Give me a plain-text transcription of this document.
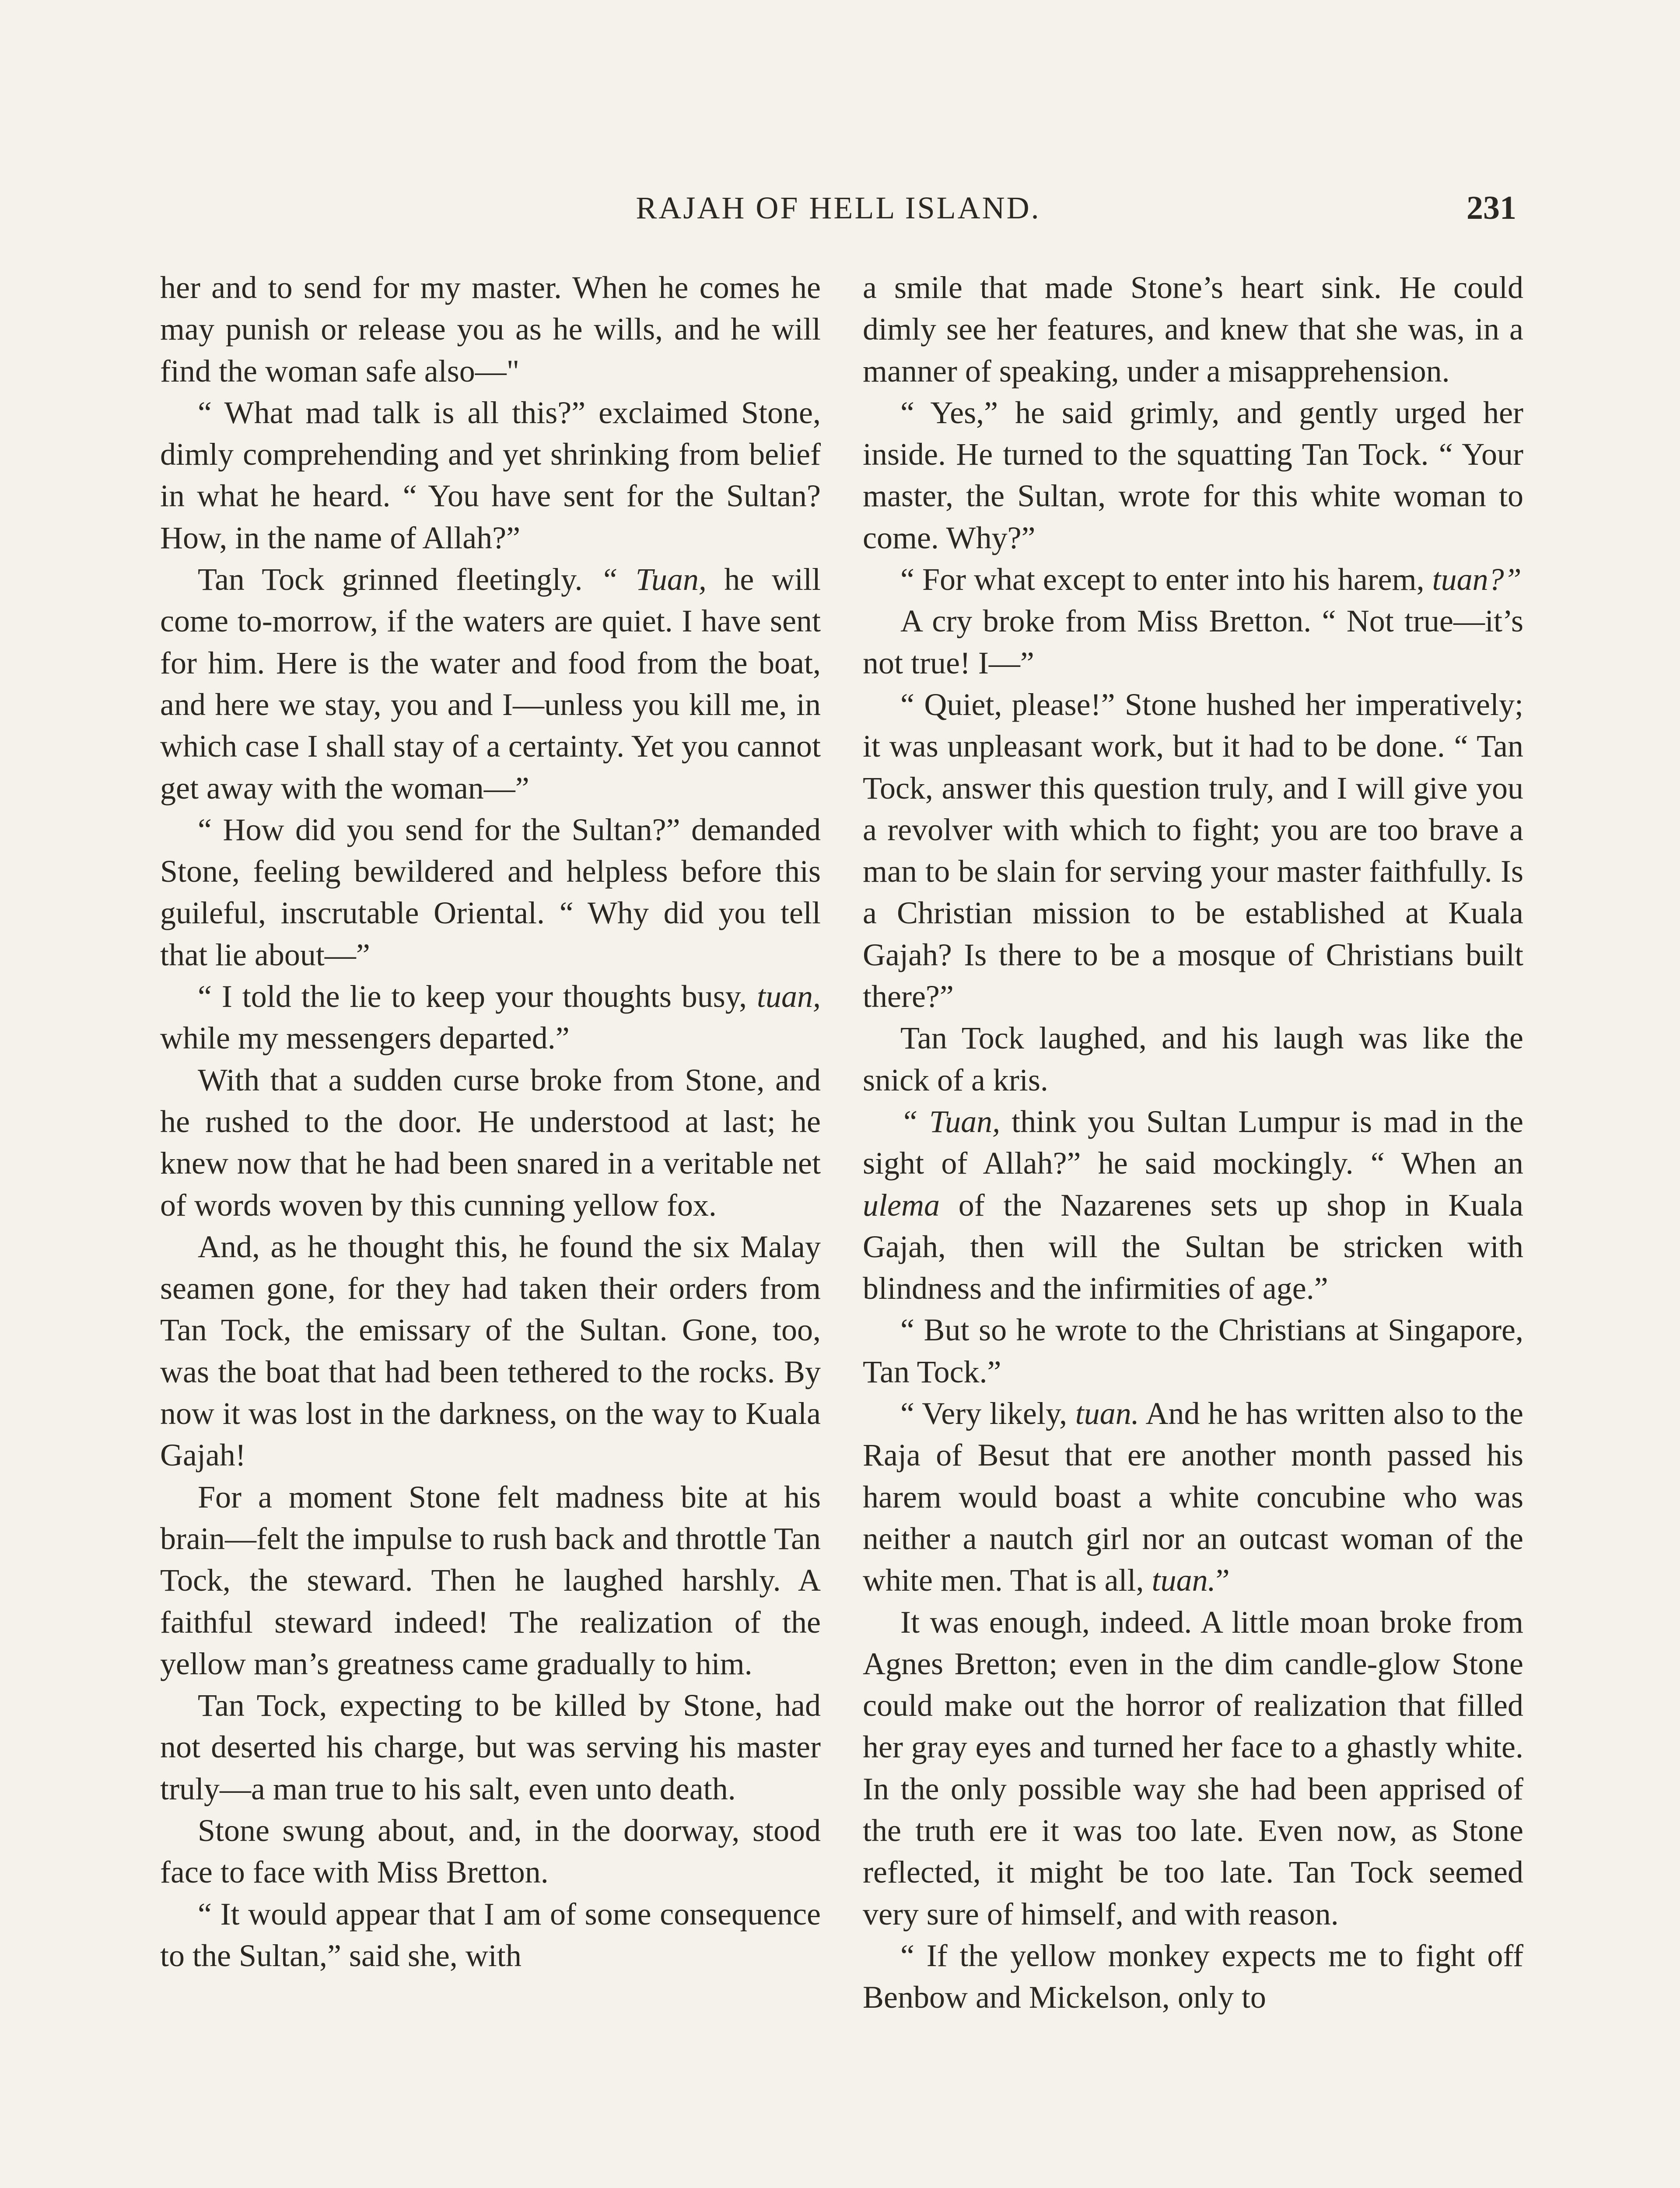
RAJAH OF HELL ISLAND.	231

her and to send for my master. When he comes he may punish or release you as he wills, and he will find the woman safe also—"

“ What mad talk is all this?” exclaimed Stone, dimly comprehending and yet shrinking from belief in what he heard. “ You have sent for the Sultan? How, in the name of Allah?”

Tan Tock grinned fleetingly. “ Tuan, he will come to-morrow, if the waters are quiet. I have sent for him. Here is the water and food from the boat, and here we stay, you and I—unless you kill me, in which case I shall stay of a certainty. Yet you cannot get away with the woman—”

“ How did you send for the Sultan?” demanded Stone, feeling bewildered and helpless before this guileful, inscrutable Oriental. “ Why did you tell that lie about—”

“ I told the lie to keep your thoughts busy, tuan, while my messengers departed.”

With that a sudden curse broke from Stone, and he rushed to the door. He understood at last; he knew now that he had been snared in a veritable net of words woven by this cunning yellow fox.

And, as he thought this, he found the six Malay seamen gone, for they had taken their orders from Tan Tock, the emissary of the Sultan. Gone, too, was the boat that had been tethered to the rocks. By now it was lost in the darkness, on the way to Kuala Gajah!

For a moment Stone felt madness bite at his brain—felt the impulse to rush back and throttle Tan Tock, the steward. Then he laughed harshly. A faithful steward indeed! The realization of the yellow man’s greatness came gradually to him.

Tan Tock, expecting to be killed by Stone, had not deserted his charge, but was serving his master truly—a man true to his salt, even unto death.

Stone swung about, and, in the doorway, stood face to face with Miss Bretton.

“ It would appear that I am of some consequence to the Sultan,” said she, with

a smile that made Stone’s heart sink. He could dimly see her features, and knew that she was, in a manner of speaking, under a misapprehension.

“ Yes,” he said grimly, and gently urged her inside. He turned to the squatting Tan Tock. “ Your master, the Sultan, wrote for this white woman to come. Why?”

“ For what except to enter into his harem, tuan?”

A cry broke from Miss Bretton. “ Not true—it’s not true! I—”

“ Quiet, please!” Stone hushed her imperatively; it was unpleasant work, but it had to be done. “ Tan Tock, answer this question truly, and I will give you a revolver with which to fight; you are too brave a man to be slain for serving your master faithfully. Is a Christian mission to be established at Kuala Gajah? Is there to be a mosque of Christians built there?”

Tan Tock laughed, and his laugh was like the snick of a kris.

“ Tuan, think you Sultan Lumpur is mad in the sight of Allah?” he said mockingly. “ When an ulema of the Nazarenes sets up shop in Kuala Gajah, then will the Sultan be stricken with blindness and the infirmities of age.”

“ But so he wrote to the Christians at Singapore, Tan Tock.”

“ Very likely, tuan. And he has written also to the Raja of Besut that ere another month passed his harem would boast a white concubine who was neither a nautch girl nor an outcast woman of the white men. That is all, tuan.”

It was enough, indeed. A little moan broke from Agnes Bretton; even in the dim candle-glow Stone could make out the horror of realization that filled her gray eyes and turned her face to a ghastly white. In the only possible way she had been apprised of the truth ere it was too late. Even now, as Stone reflected, it might be too late. Tan Tock seemed very sure of himself, and with reason.

“ If the yellow monkey expects me to fight off Benbow and Mickelson, only to
